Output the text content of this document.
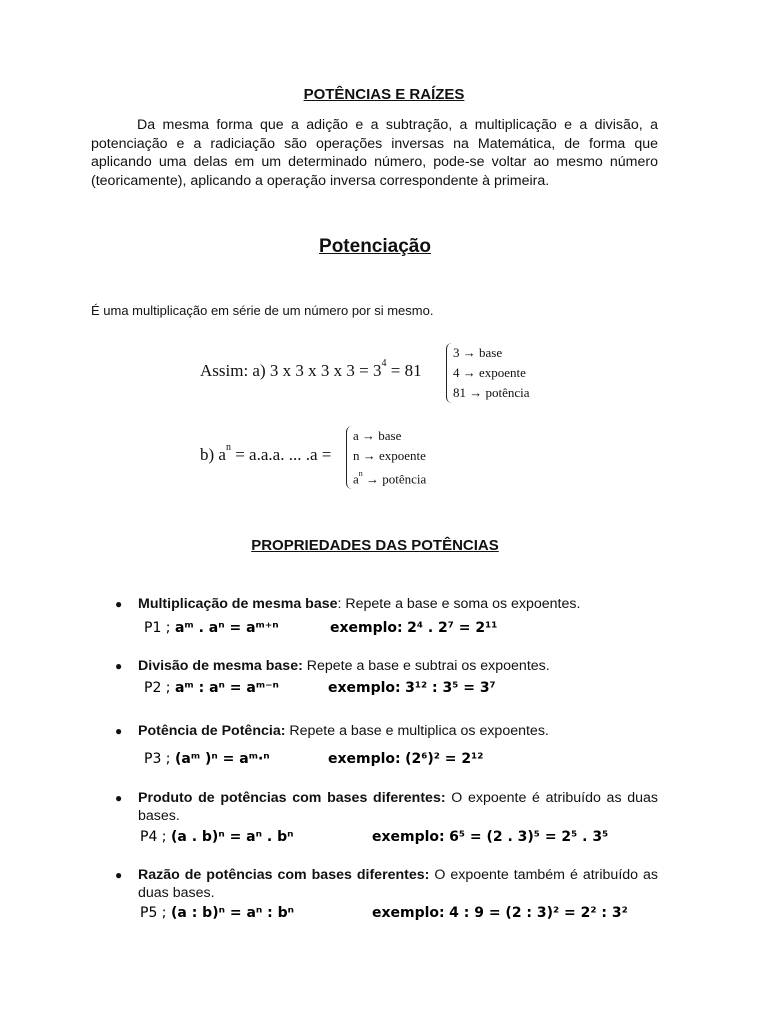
POTÊNCIAS E RAÍZES
Da mesma forma que a adição e a subtração, a multiplicação e a divisão, a potenciação e a radiciação são operações inversas na Matemática, de forma que aplicando uma delas em um determinado número, pode-se voltar ao mesmo número (teoricamente), aplicando a operação inversa correspondente à primeira.
Potenciação
É uma multiplicação em série de um número por si mesmo.
Assim: a) 3 x 3 x 3 x $3 = 3^4 = 81$
3 → base
4 → expoente
81 → potência
b) $a^n = a.a.a$. ... .a =
a → base
n → expoente
$a^n$ → potência
PROPRIEDADES DAS POTÊNCIAS
● Multiplicação de mesma base: Repete a base e soma os expoentes.
P1 ; aᵐ . aⁿ = aᵐ⁺ⁿ	exemplo: 2⁴ . 2⁷ = 2¹¹
● Divisão de mesma base: Repete a base e subtrai os expoentes.
P2 ; aᵐ : aⁿ = aᵐ⁻ⁿ	exemplo: 3¹² : 3⁵ = 3⁷
● Potência de Potência: Repete a base e multiplica os expoentes.
P3 ; (aᵐ )ⁿ = aᵐ·ⁿ	exemplo: (2⁶)² = 2¹²
● Produto de potências com bases diferentes: O expoente é atribuído as duas bases.
P4 ; (a . b)ⁿ = aⁿ . bⁿ	exemplo: 6⁵ = (2 . 3)⁵ = 2⁵ . 3⁵
● Razão de potências com bases diferentes: O expoente também é atribuído as duas bases.
P5 ; (a : b)ⁿ = aⁿ : bⁿ	exemplo: 4 : 9 = (2 : 3)² = 2² : 3²
